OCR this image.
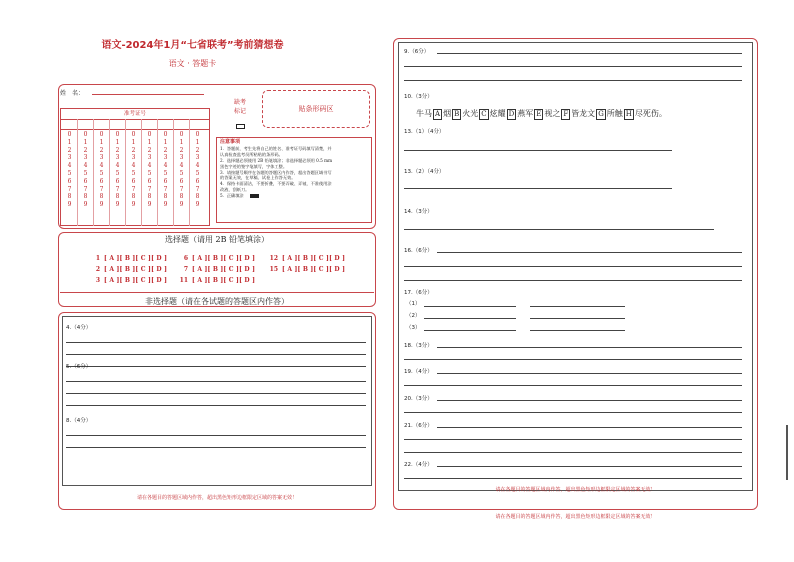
语文-2024年1月“七省联考”考前猜想卷
语文 · 答题卡
姓　名：
准考证号
0
1
2
3
4
5
6
7
8
9
0
1
2
3
4
5
6
7
8
9
0
1
2
3
4
5
6
7
8
9
0
1
2
3
4
5
6
7
8
9
0
1
2
3
4
5
6
7
8
9
0
1
2
3
4
5
6
7
8
9
0
1
2
3
4
5
6
7
8
9
0
1
2
3
4
5
6
7
8
9
0
1
2
3
4
5
6
7
8
9
缺考
标记	贴条形码区
注意事项
1．答题前，考生先将自己的姓名、准考证号码填写清楚，并
认真检查监考员所粘贴的条形码。
2．选择题必须使用 2B 铅笔填涂；非选择题必须用 0.5 mm
黑色字迹的签字笔填写，字体工整。
3．请按题号顺序在各题的答题区内作答，超出答题区域书写
的答案无效，在草稿、试卷上作答无效。
4．保持卡面清洁，不要折叠，不要弄破、弄皱，不准使用涂
改液、刮纸刀。
5．正确填涂
选择题（请用 2B 铅笔填涂）
1 [ A ][ B ][ C ][ D ]
2 [ A ][ B ][ C ][ D ]
3 [ A ][ B ][ C ][ D ]
6 [ A ][ B ][ C ][ D ]
7 [ A ][ B ][ C ][ D ]
11 [ A ][ B ][ C ][ D ]
12 [ A ][ B ][ C ][ D ]
15 [ A ][ B ][ C ][ D ]
非选择题（请在各试题的答题区内作答）
4.（4分）
5.（6分）
8.（4分）
请在各题目的答题区域内作答，超出黑色矩形边框限定区域的答案无效！
9.（6分）
10.（3分）
13.（1）（4分）
13.（2）（4分）
14.（3分）
16.（6分）
17.（6分）
（1）
（2）
（3）
18.（3分）
19.（4分）
20.（3分）
21.（6分）
22.（4分）
牛马 A 烟 B 火光 C 炫耀 D 燕军 E 视之 F 皆龙文 G 所触 H 尽死伤。
请在各题目的答题区域内作答，超出黑色矩形边框限定区域的答案无效！
请在各题目的答题区域内作答，超出黑色矩形边框限定区域的答案无效！
